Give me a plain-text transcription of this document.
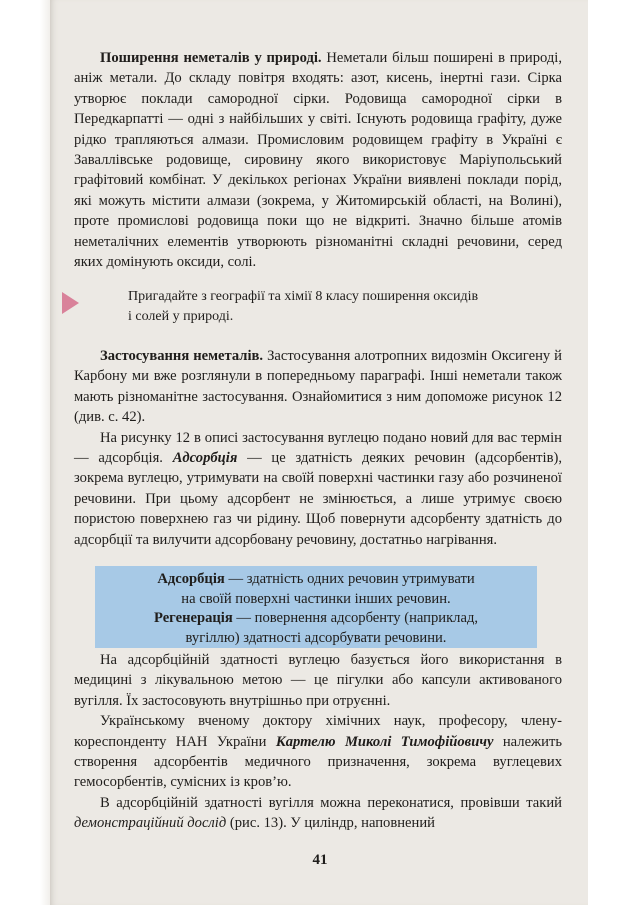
Поширення неметалів у природі. Неметали більш поширені в природі, аніж метали. До складу повітря входять: азот, кисень, інертні гази. Сірка утворює поклади самородної сірки. Родовища самородної сірки в Передкарпатті — одні з найбільших у світі. Існують родовища графіту, дуже рідко трапляються алмази. Промисловим родовищем графіту в Україні є Заваллівське родовище, сировину якого використовує Маріупольський графітовий комбінат. У декількох регіонах України виявлені поклади порід, які можуть містити алмази (зокрема, у Житомирській області, на Волині), проте промислові родовища поки що не відкриті. Значно більше атомів неметалічних елементів утворюють різноманітні складні речовини, серед яких домінують оксиди, солі.

Пригадайте з географії та хімії 8 класу поширення оксидів
і солей у природі.

Застосування неметалів. Застосування алотропних видозмін Оксигену й Карбону ми вже розглянули в попередньому параграфі. Інші неметали також мають різноманітне застосування. Ознайомитися з ним допоможе рисунок 12 (див. с. 42).

На рисунку 12 в описі застосування вуглецю подано новий для вас термін — адсорбція. Адсорбція — це здатність деяких речовин (адсорбентів), зокрема вуглецю, утримувати на своїй поверхні частинки газу або розчиненої речовини. При цьому адсорбент не змінюється, а лише утримує своєю пористою поверхнею газ чи рідину. Щоб повернути адсорбенту здатність до адсорбції та вилучити адсорбовану речовину, достатньо нагрівання.

Адсорбція — здатність одних речовин утримувати
на своїй поверхні частинки інших речовин.
Регенерація — повернення адсорбенту (наприклад,
вугіллю) здатності адсорбувати речовини.

На адсорбційній здатності вуглецю базується його використання в медицині з лікувальною метою — це пігулки або капсули активованого вугілля. Їх застосовують внутрішньо при отруєнні.

Українському вченому доктору хімічних наук, професору, члену-кореспонденту НАН України Картелю Миколі Тимофійовичу належить створення адсорбентів медичного призначення, зокрема вуглецевих гемосорбентів, сумісних із кров’ю.

В адсорбційній здатності вугілля можна переконатися, провівши такий демонстраційний дослід (рис. 13). У циліндр, наповнений

41
